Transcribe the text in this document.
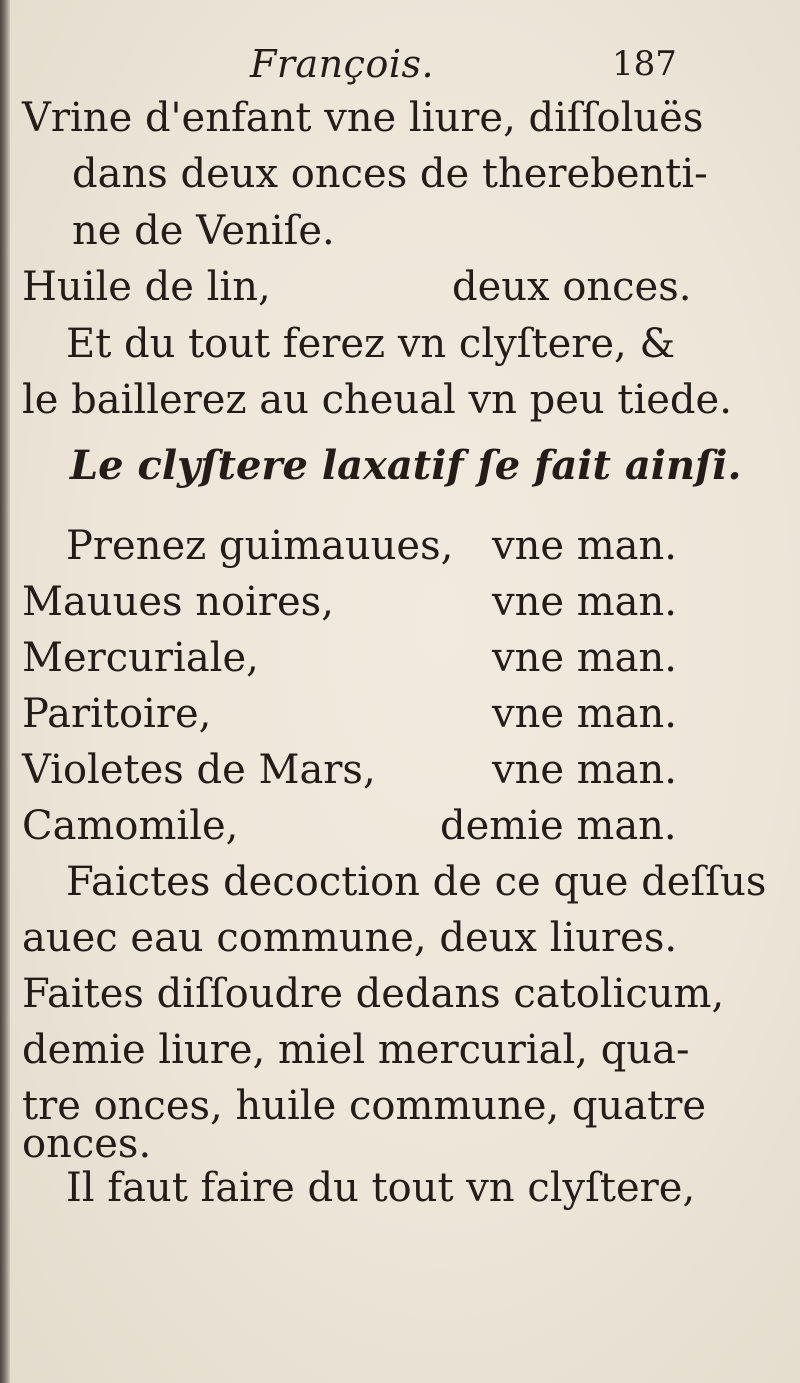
François.	187
Vrine d'enfant vne liure, diſſoluës
dans deux onces de therebenti-
ne de Veniſe.
Huile de lin,	deux onces.
Et du tout ferez vn clyſtere, &
le baillerez au cheual vn peu tiede.
Le clyſtere laxatif ſe fait ainſi.
Prenez guimauues, vne man.
Mauues noires,	vne man.
Mercuriale,	vne man.
Paritoire,	vne man.
Violetes de Mars,	vne man.
Camomile,	demie man.
Faictes decoction de ce que deſſus
auec eau commune, deux liures.
Faites diſſoudre dedans catolicum,
demie liure, miel mercurial, qua-
tre onces, huile commune, quatre
onces.
Il faut faire du tout vn clyſtere,
